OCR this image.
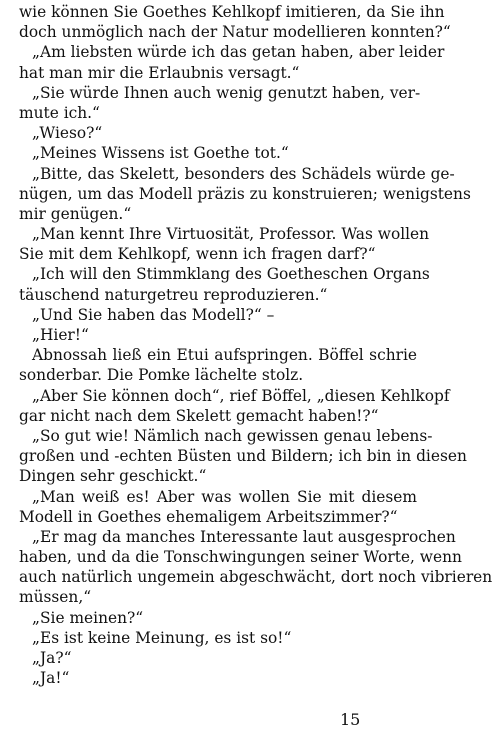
wie können Sie Goethes Kehlkopf imitieren, da Sie ihn
doch unmöglich nach der Natur modellieren konnten?“
„Am liebsten würde ich das getan haben, aber leider
hat man mir die Erlaubnis versagt.“
„Sie würde Ihnen auch wenig genutzt haben, ver-
mute ich.“
„Wieso?“
„Meines Wissens ist Goethe tot.“
„Bitte, das Skelett, besonders des Schädels würde ge-
nügen, um das Modell präzis zu konstruieren; wenigstens
mir genügen.“
„Man kennt Ihre Virtuosität, Professor. Was wollen
Sie mit dem Kehlkopf, wenn ich fragen darf?“
„Ich will den Stimmklang des Goetheschen Organs
täuschend naturgetreu reproduzieren.“
„Und Sie haben das Modell?“ –
„Hier!“
Abnossah ließ ein Etui aufspringen. Böffel schrie
sonderbar. Die Pomke lächelte stolz.
„Aber Sie können doch“, rief Böffel, „diesen Kehlkopf
gar nicht nach dem Skelett gemacht haben!?“
„So gut wie! Nämlich nach gewissen genau lebens-
großen und -echten Büsten und Bildern; ich bin in diesen
Dingen sehr geschickt.“
„Man weiß es! Aber was wollen Sie mit diesem
Modell in Goethes ehemaligem Arbeitszimmer?“
„Er mag da manches Interessante laut ausgesprochen
haben, und da die Tonschwingungen seiner Worte, wenn
auch natürlich ungemein abgeschwächt, dort noch vibrieren
müssen,“
„Sie meinen?“
„Es ist keine Meinung, es ist so!“
„Ja?“
„Ja!“
15
